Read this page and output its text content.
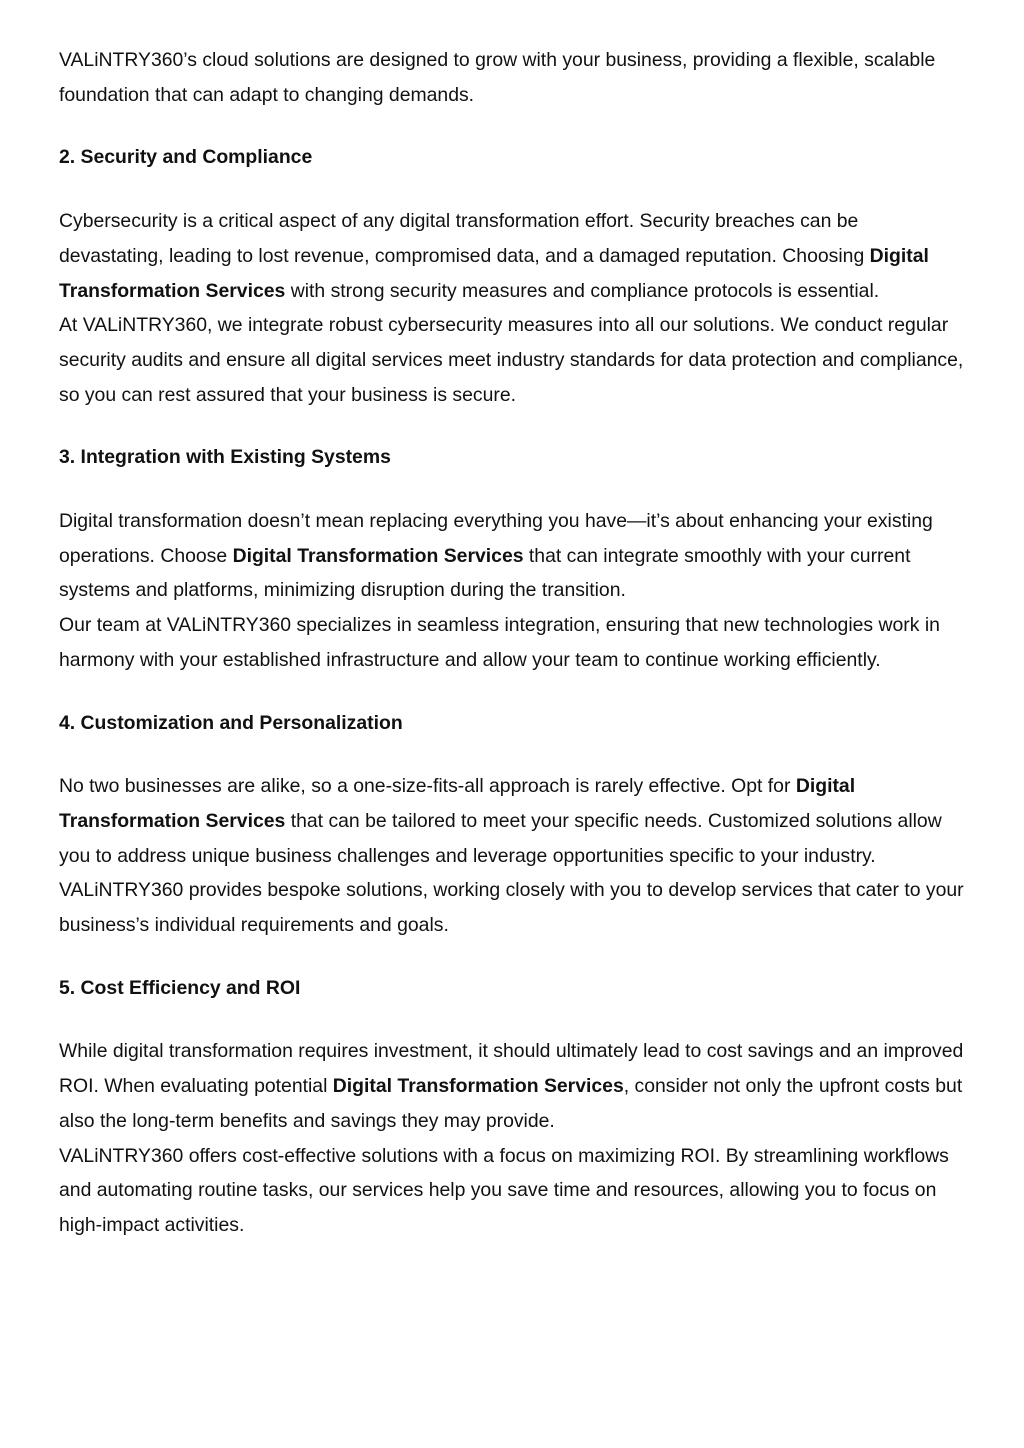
VALiNTRY360’s cloud solutions are designed to grow with your business, providing a flexible, scalable foundation that can adapt to changing demands.

2. Security and Compliance

Cybersecurity is a critical aspect of any digital transformation effort. Security breaches can be devastating, leading to lost revenue, compromised data, and a damaged reputation. Choosing Digital Transformation Services with strong security measures and compliance protocols is essential.

At VALiNTRY360, we integrate robust cybersecurity measures into all our solutions. We conduct regular security audits and ensure all digital services meet industry standards for data protection and compliance, so you can rest assured that your business is secure.

3. Integration with Existing Systems

Digital transformation doesn’t mean replacing everything you have—it’s about enhancing your existing operations. Choose Digital Transformation Services that can integrate smoothly with your current systems and platforms, minimizing disruption during the transition.

Our team at VALiNTRY360 specializes in seamless integration, ensuring that new technologies work in harmony with your established infrastructure and allow your team to continue working efficiently.

4. Customization and Personalization

No two businesses are alike, so a one-size-fits-all approach is rarely effective. Opt for Digital Transformation Services that can be tailored to meet your specific needs. Customized solutions allow you to address unique business challenges and leverage opportunities specific to your industry.

VALiNTRY360 provides bespoke solutions, working closely with you to develop services that cater to your business’s individual requirements and goals.

5. Cost Efficiency and ROI

While digital transformation requires investment, it should ultimately lead to cost savings and an improved ROI. When evaluating potential Digital Transformation Services, consider not only the upfront costs but also the long-term benefits and savings they may provide.

VALiNTRY360 offers cost-effective solutions with a focus on maximizing ROI. By streamlining workflows and automating routine tasks, our services help you save time and resources, allowing you to focus on high-impact activities.
